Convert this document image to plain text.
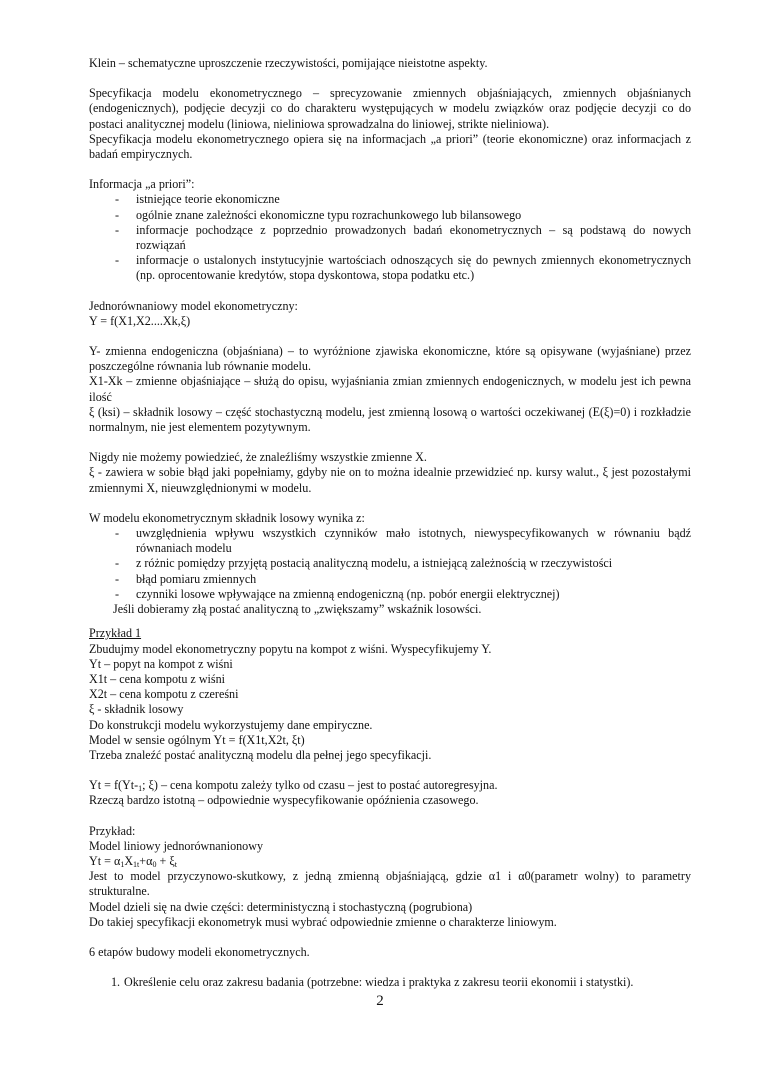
Klein – schematyczne uproszczenie rzeczywistości, pomijające nieistotne aspekty.

Specyfikacja modelu ekonometrycznego – sprecyzowanie zmiennych objaśniających, zmiennych objaśnianych (endogenicznych), podjęcie decyzji co do charakteru występujących w modelu związków oraz podjęcie decyzji co do postaci analitycznej modelu (liniowa, nieliniowa sprowadzalna do liniowej, strikte nieliniowa).

Specyfikacja modelu ekonometrycznego opiera się na informacjach „a priori” (teorie ekonomiczne) oraz informacjach z badań empirycznych.

Informacja „a priori”:

- istniejące teorie ekonomiczne
- ogólnie znane zależności ekonomiczne typu rozrachunkowego lub bilansowego
- informacje pochodzące z poprzednio prowadzonych badań ekonometrycznych – są podstawą do nowych rozwiązań
- informacje o ustalonych instytucyjnie wartościach odnoszących się do pewnych zmiennych ekonometrycznych (np. oprocentowanie kredytów, stopa dyskontowa, stopa podatku etc.)

Jednorównaniowy model ekonometryczny:

Y = f(X1,X2....Xk,ξ)

Y- zmienna endogeniczna (objaśniana) – to wyróżnione zjawiska ekonomiczne, które są opisywane (wyjaśniane) przez poszczególne równania lub równanie modelu.

X1-Xk – zmienne objaśniające – służą do opisu, wyjaśniania zmian zmiennych endogenicznych, w modelu jest ich pewna ilość

ξ (ksi) – składnik losowy – część stochastyczną modelu, jest zmienną losową o wartości oczekiwanej (E(ξ)=0) i rozkładzie normalnym, nie jest elementem pozytywnym.

Nigdy nie możemy powiedzieć, że znaleźliśmy wszystkie zmienne X.

ξ - zawiera w sobie błąd jaki popełniamy, gdyby nie on to można idealnie przewidzieć np. kursy walut., ξ jest pozostałymi zmiennymi X, nieuwzględnionymi w modelu.

W modelu ekonometrycznym składnik losowy wynika z:

- uwzględnienia wpływu wszystkich czynników mało istotnych, niewyspecyfikowanych w równaniu bądź równaniach modelu
- z różnic pomiędzy przyjętą postacią analityczną modelu, a istniejącą zależnością w rzeczywistości
- błąd pomiaru zmiennych
- czynniki losowe wpływające na zmienną endogeniczną (np. pobór energii elektrycznej)

Jeśli dobieramy złą postać analityczną to „zwiększamy” wskaźnik losowści.

Przykład 1

Zbudujmy model ekonometryczny popytu na kompot z wiśni. Wyspecyfikujemy Y.

Yt – popyt na kompot z wiśni

X1t – cena kompotu z wiśni

X2t – cena kompotu z czereśni

ξ - składnik losowy

Do konstrukcji modelu wykorzystujemy dane empiryczne.

Model w sensie ogólnym Yt = f(X1t,X2t, ξt)

Trzeba znaleźć postać analityczną modelu dla pełnej jego specyfikacji.

$Yt = f(Yt-_1$; ξ) – cena kompotu zależy tylko od czasu – jest to postać autoregresyjna.

Rzeczą bardzo istotną – odpowiednie wyspecyfikowanie opóźnienia czasowego.

Przykład:

Model liniowy jednorównanionowy

$Yt = \alpha_1X_{1t}+\alpha_0 + \xi_t$

Jest to model przyczynowo-skutkowy, z jedną zmienną objaśniającą, gdzie α1 i α0(parametr wolny) to parametry strukturalne.

Model dzieli się na dwie części: deterministyczną i stochastyczną (pogrubiona)

Do takiej specyfikacji ekonometryk musi wybrać odpowiednie zmienne o charakterze liniowym.

6 etapów budowy modeli ekonometrycznych.

1. Określenie celu oraz zakresu badania (potrzebne: wiedza i praktyka z zakresu teorii ekonomii i statystki).
2
